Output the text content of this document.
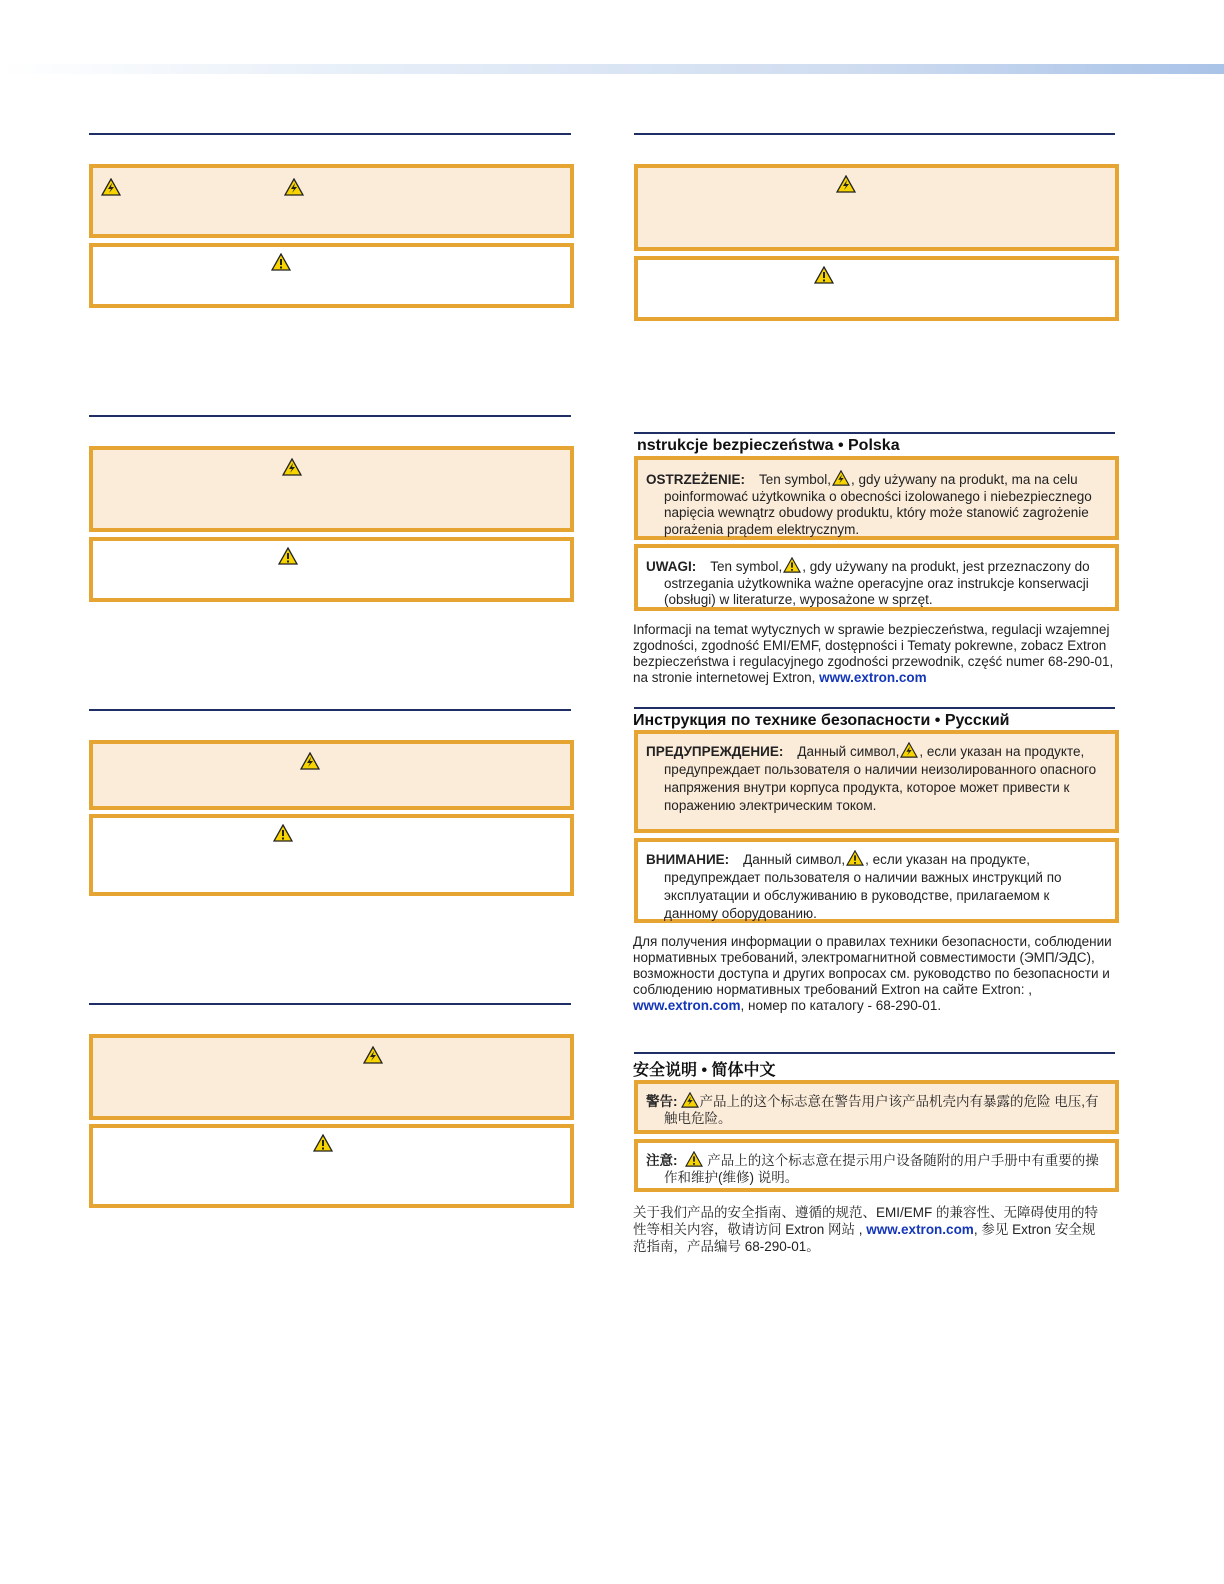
nstrukcje bezpieczeństwa • Polska
OSTRZEŻENIE: Ten symbol, , gdy używany na produkt, ma na celu poinformować użytkownika o obecności izolowanego i niebezpiecznego napięcia wewnątrz obudowy produktu, który może stanowić zagrożenie porażenia prądem elektrycznym.
UWAGI: Ten symbol, , gdy używany na produkt, jest przeznaczony do ostrzegania użytkownika ważne operacyjne oraz instrukcje konserwacji (obsługi) w literaturze, wyposażone w sprzęt.
Informacji na temat wytycznych w sprawie bezpieczeństwa, regulacji wzajemnej zgodności, zgodność EMI/EMF, dostępności i Tematy pokrewne, zobacz Extron bezpieczeństwa i regulacyjnego zgodności przewodnik, część numer 68-290-01, na stronie internetowej Extron, www.extron.com
Инструкция по технике безопасности • Русский
ПРЕДУПРЕЖДЕНИЕ: Данный символ, , если указан на продукте, предупреждает пользователя о наличии неизолированного опасного напряжения внутри корпуса продукта, которое может привести к поражению электрическим током.
ВНИМАНИЕ: Данный символ, , если указан на продукте, предупреждает пользователя о наличии важных инструкций по эксплуатации и обслуживанию в руководстве, прилагаемом к данному оборудованию.
Для получения информации о правилах техники безопасности, соблюдении нормативных требований, электромагнитной совместимости (ЭМП/ЭДС), возможности доступа и других вопросах см. руководство по безопасности и соблюдению нормативных требований Extron на сайте Extron: , www.extron.com, номер по каталогу - 68-290-01.
安全说明 • 简体中文
警告: 产品上的这个标志意在警告用户该产品机壳内有暴露的危险 电压,有触电危险。
注意: 产品上的这个标志意在提示用户设备随附的用户手册中有重要的操作和维护(维修) 说明。
关于我们产品的安全指南、遵循的规范、EMI/EMF 的兼容性、无障碍使用的特性等相关内容，敬请访问 Extron 网站 , www.extron.com, 参见 Extron 安全规范指南，产品编号 68-290-01。
